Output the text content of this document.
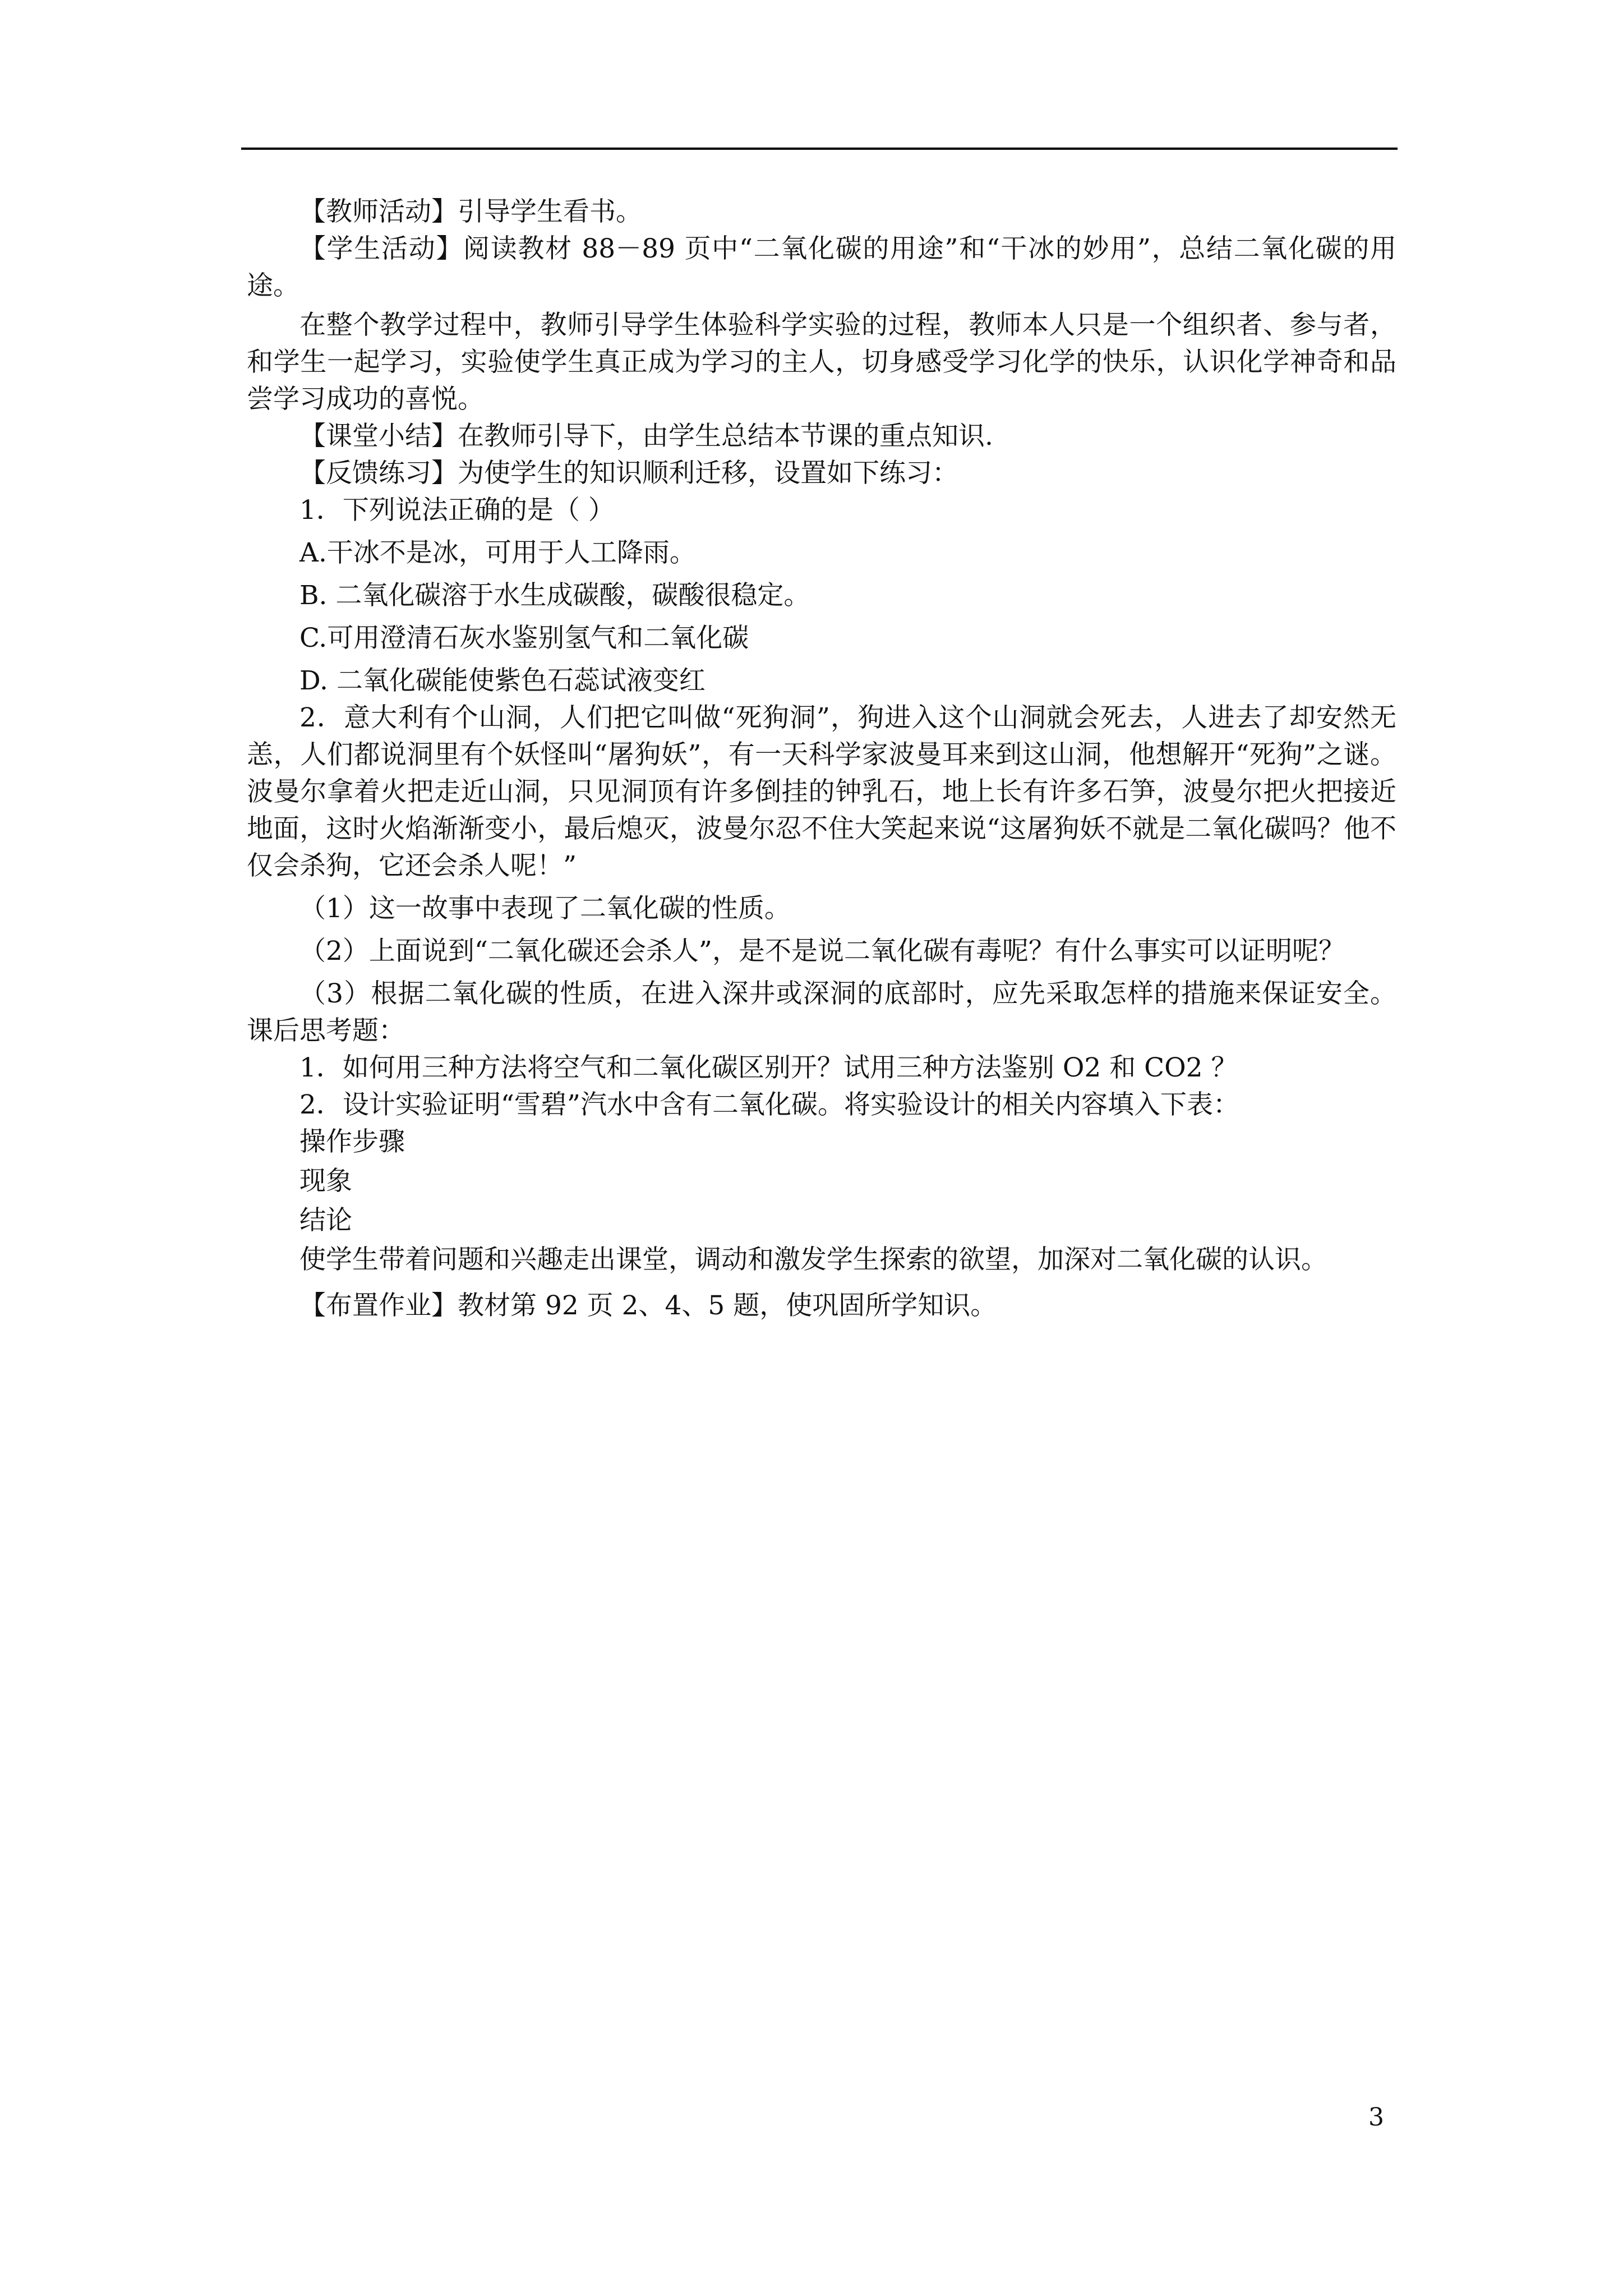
【教师活动】引导学生看书。

【学生活动】阅读教材 88－89 页中“二氧化碳的用途”和“干冰的妙用”，总结二氧化碳的用途。

在整个教学过程中，教师引导学生体验科学实验的过程，教师本人只是一个组织者、参与者，和学生一起学习，实验使学生真正成为学习的主人，切身感受学习化学的快乐，认识化学神奇和品尝学习成功的喜悦。

【课堂小结】在教师引导下，由学生总结本节课的重点知识.

【反馈练习】为使学生的知识顺利迁移，设置如下练习：

1．下列说法正确的是（ ）

A.干冰不是冰，可用于人工降雨。

B. 二氧化碳溶于水生成碳酸，碳酸很稳定。

C.可用澄清石灰水鉴别氢气和二氧化碳

D. 二氧化碳能使紫色石蕊试液变红

2．意大利有个山洞，人们把它叫做“死狗洞”，狗进入这个山洞就会死去，人进去了却安然无恙，人们都说洞里有个妖怪叫“屠狗妖”，有一天科学家波曼耳来到这山洞，他想解开“死狗”之谜。波曼尔拿着火把走近山洞，只见洞顶有许多倒挂的钟乳石，地上长有许多石笋，波曼尔把火把接近地面，这时火焰渐渐变小，最后熄灭，波曼尔忍不住大笑起来说“这屠狗妖不就是二氧化碳吗？他不仅会杀狗，它还会杀人呢！”

（1）这一故事中表现了二氧化碳的性质。

（2）上面说到“二氧化碳还会杀人”，是不是说二氧化碳有毒呢？有什么事实可以证明呢？

（3）根据二氧化碳的性质，在进入深井或深洞的底部时，应先采取怎样的措施来保证安全。课后思考题：

1．如何用三种方法将空气和二氧化碳区别开？试用三种方法鉴别 O2 和 CO2 ？

2．设计实验证明“雪碧”汽水中含有二氧化碳。将实验设计的相关内容填入下表：

操作步骤

现象

结论

使学生带着问题和兴趣走出课堂，调动和激发学生探索的欲望，加深对二氧化碳的认识。

【布置作业】教材第 92 页 2、4、5 题，使巩固所学知识。

3
